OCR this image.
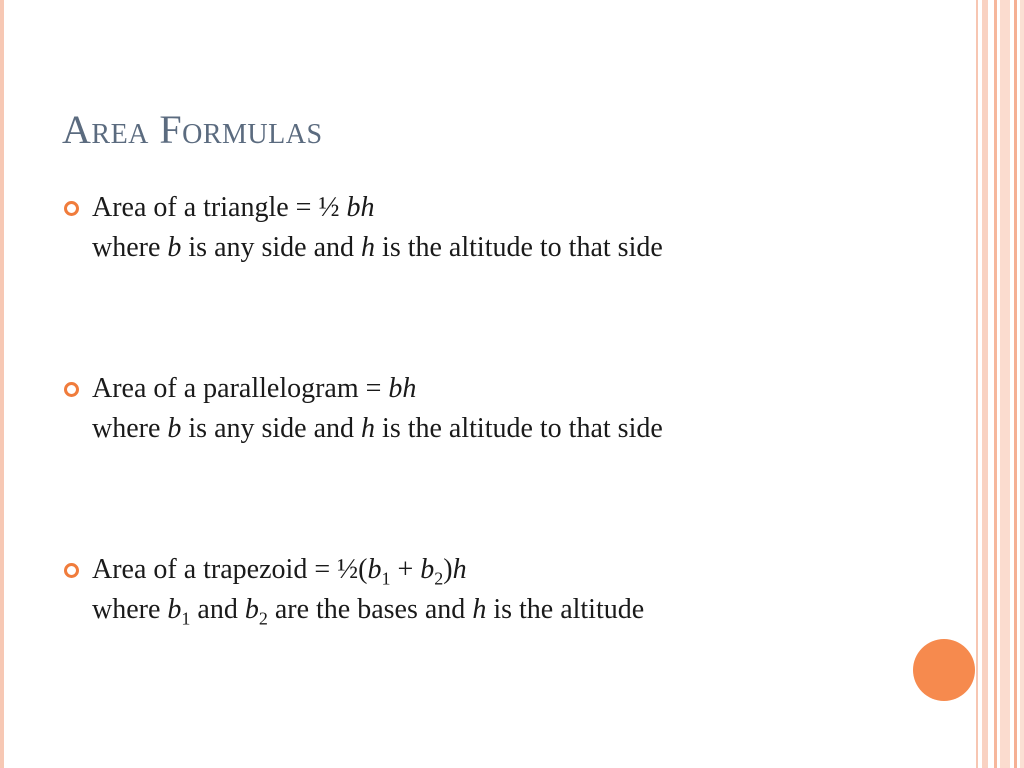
Area Formulas
Area of a triangle = ½ bh
where b is any side and h is the altitude to that side
Area of a parallelogram = bh
where b is any side and h is the altitude to that side
Area of a trapezoid = $\frac{1}{2}(b_1 + b_2)h$
where $b_1$ and $b_2$ are the bases and h is the altitude
